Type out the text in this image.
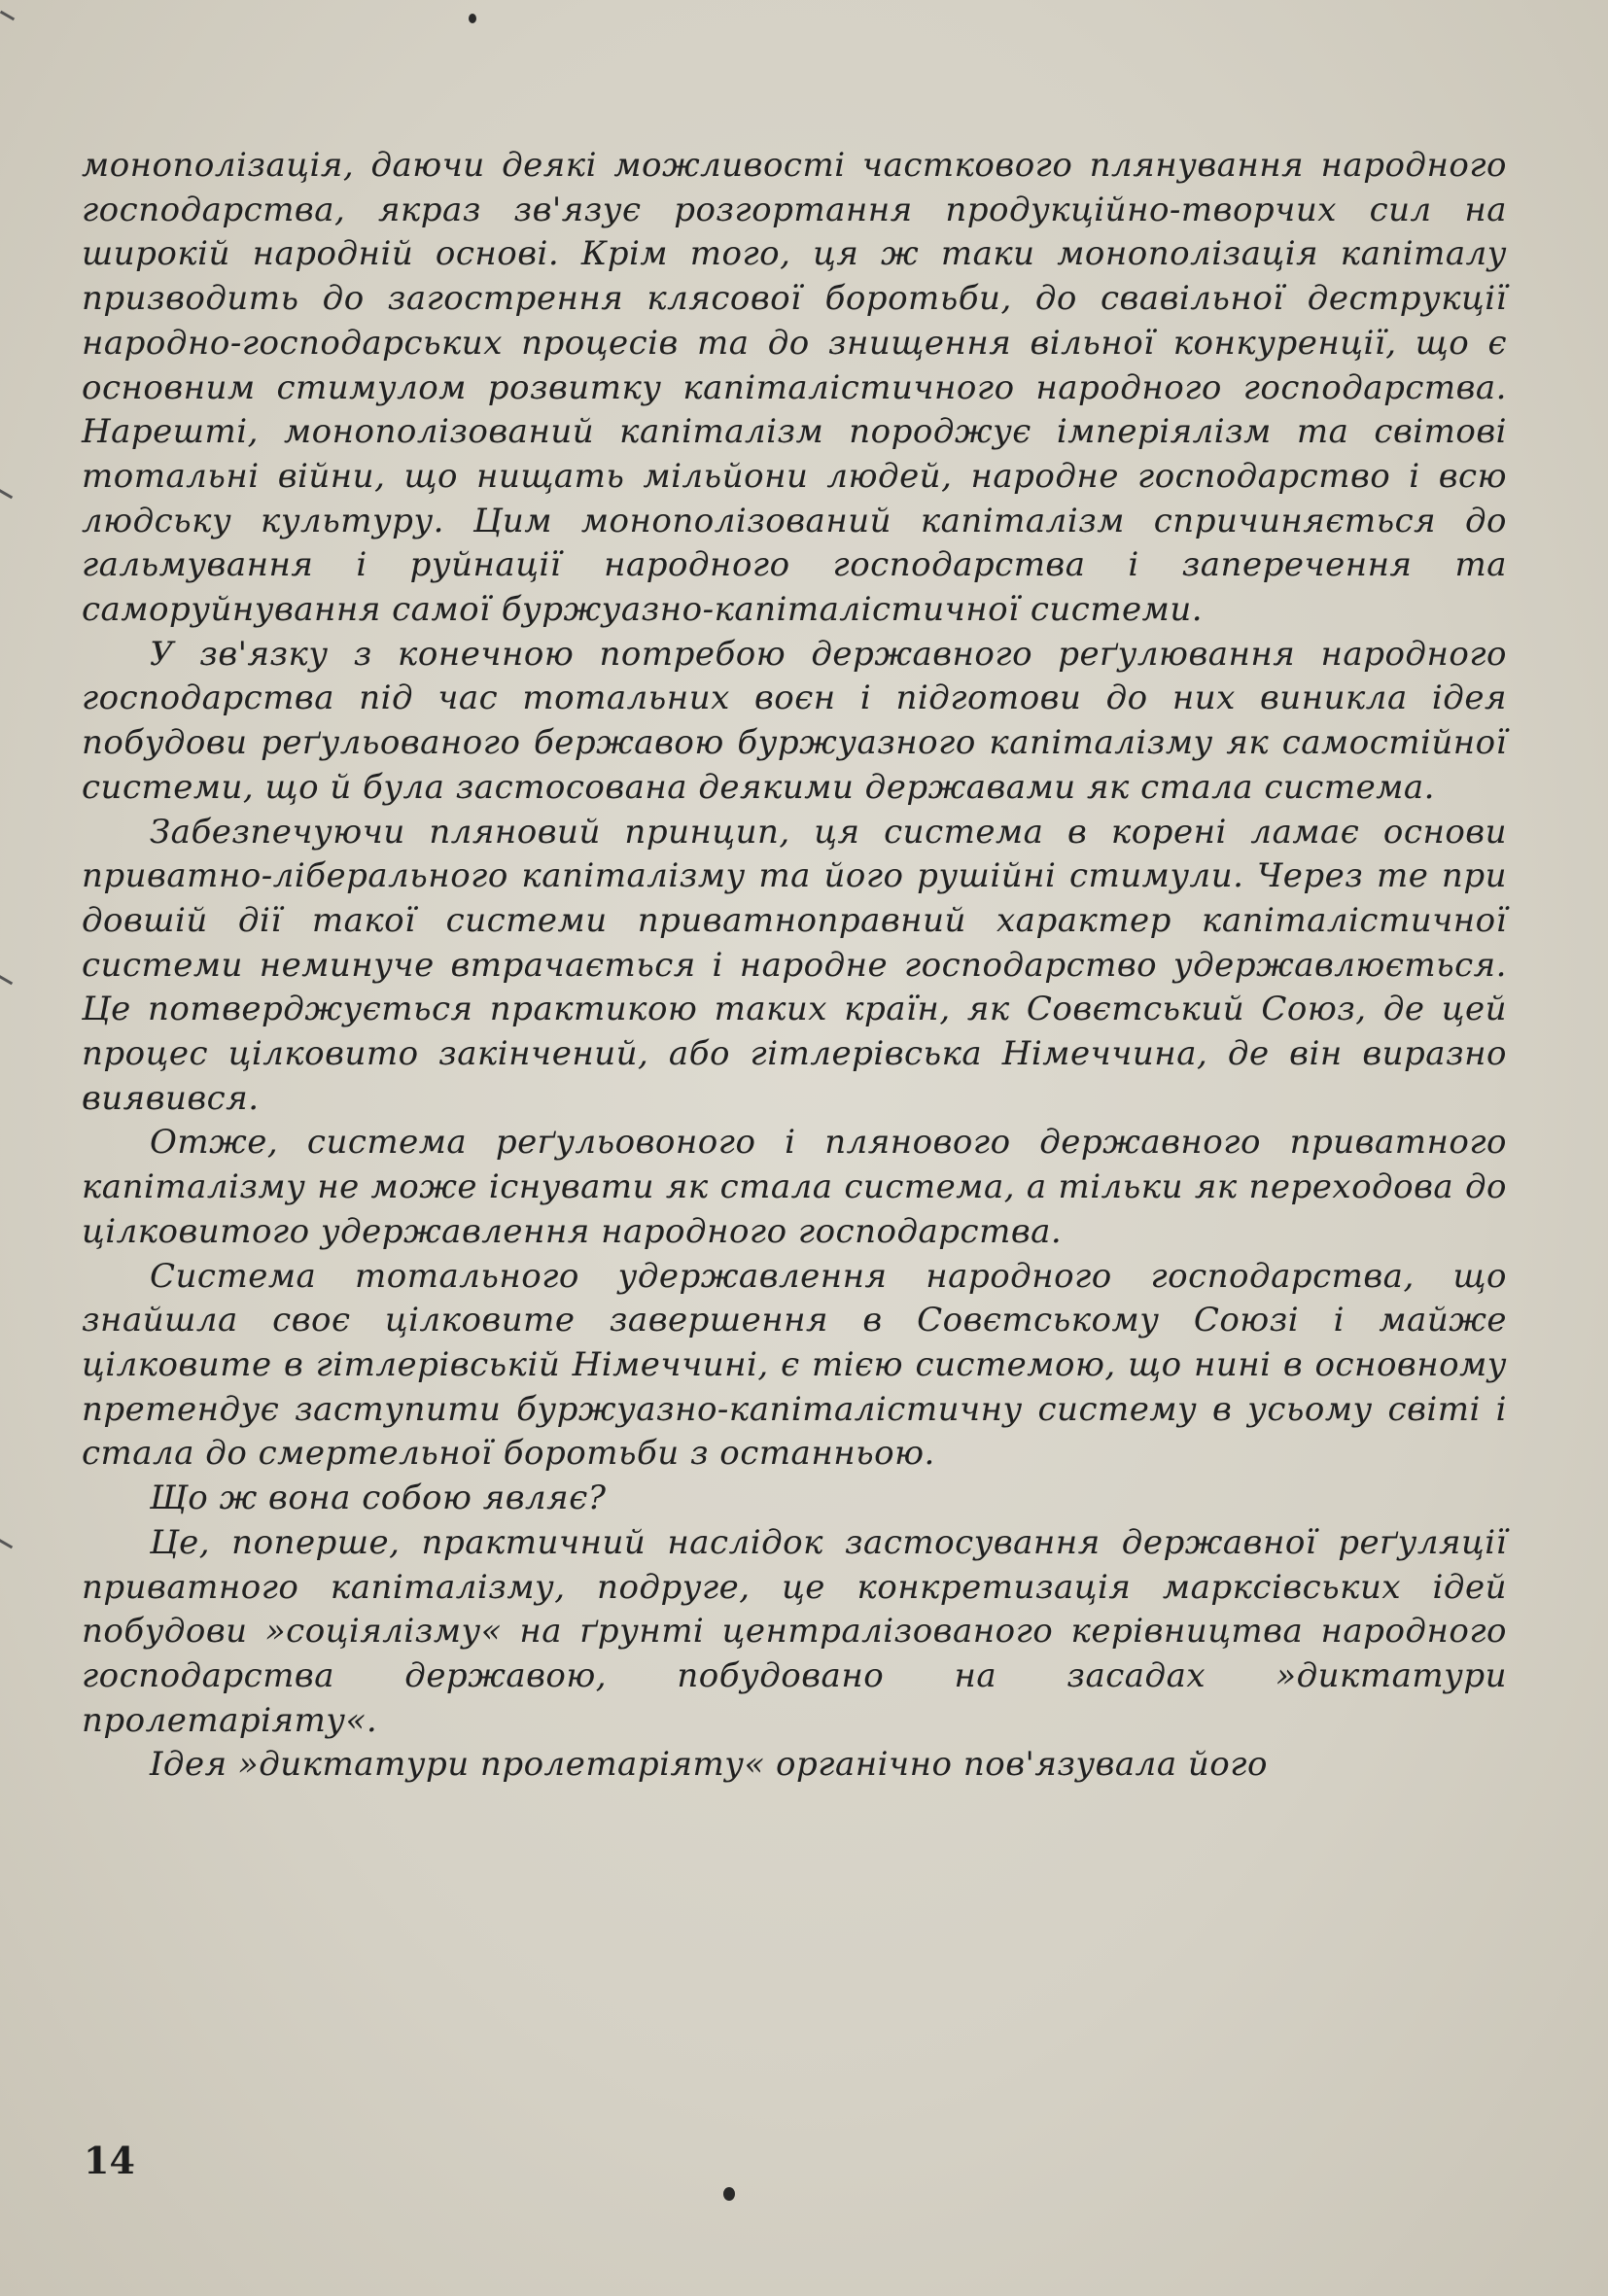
монополізація, даючи деякі можливості часткового плянування народного господарства, якраз зв'язує розгортання продукційно-творчих сил на широкій народній основі. Крім того, ця ж таки монополізація капіталу призводить до загострення клясової боротьби, до свавільної деструкції народно-господарських процесів та до знищення вільної конкуренції, що є основним стимулом розвитку капіталістичного народного господарства. Нарешті, монополізований капіталізм породжує імперіялізм та світові тотальні війни, що нищать мільйони людей, народне господарство і всю людську культуру. Цим монополізований капіталізм спричиняється до гальмування і руйнації народного господарства і заперечення та саморуйнування самої буржуазно-капіталістичної системи.

У зв'язку з конечною потребою державного реґулювання народного господарства під час тотальних воєн і підготови до них виникла ідея побудови реґульованого бержавою буржуазного капіталізму як самостійної системи, що й була застосована деякими державами як стала система.

Забезпечуючи пляновий принцип, ця система в корені ламає основи приватно-ліберального капіталізму та його рушійні стимули. Через те при довшій дії такої системи приватноправний характер капіталістичної системи неминуче втрачається і народне господарство удержавлюється. Це потверджується практикою таких країн, як Совєтський Союз, де цей процес цілковито закінчений, або гітлерівська Німеччина, де він виразно виявився.

Отже, система реґульовоного і плянового державного приватного капіталізму не може існувати як стала система, а тільки як переходова до цілковитого удержавлення народного господарства.

Система тотального удержавлення народного господарства, що знайшла своє цілковите завершення в Совєтському Союзі і майже цілковите в гітлерівській Німеччині, є тією системою, що нині в основному претендує заступити буржуазно-капіталістичну систему в усьому світі і стала до смертельної боротьби з останньою.

Що ж вона собою являє?

Це, поперше, практичний наслідок застосування державної реґуляції приватного капіталізму, подруге, це конкретизація марксівських ідей побудови »соціялізму« на ґрунті централізованого керівництва народного господарства державою, побудовано на засадах »диктатури пролетаріяту«.

Ідея »диктатури пролетаріяту« органічно пов'язувала його

14
